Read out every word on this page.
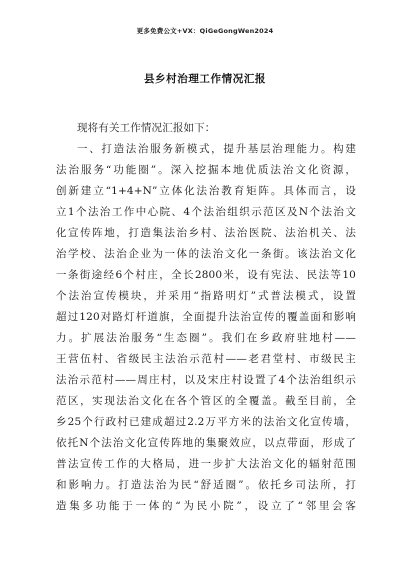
更多免费公文+VX：QiGeGongWen2024
县乡村治理工作情况汇报
现将有关工作情况汇报如下：
一、打造法治服务新模式，提升基层治理能力。构建
法治服务“功能圈”。深入挖掘本地优质法治文化资源，
创新建立“1+4+N”立体化法治教育矩阵。具体而言，设
立1个法治工作中心院、4个法治组织示范区及N个法治文
化宣传阵地，打造集法治乡村、法治医院、法治机关、法
治学校、法治企业为一体的法治文化一条街。该法治文化
一条街途经6个村庄，全长2800米，设有宪法、民法等10
个法治宣传模块，并采用“指路明灯”式普法模式，设置
超过120对路灯杆道旗，全面提升法治宣传的覆盖面和影响
力。扩展法治服务“生态圈”。我们在乡政府驻地村——
王营伍村、省级民主法治示范村——老君堂村、市级民主
法治示范村——周庄村，以及宋庄村设置了4个法治组织示
范区，实现法治文化在各个管区的全覆盖。截至目前，全
乡25个行政村已建成超过2.2万平方米的法治文化宣传墙，
依托N个法治文化宣传阵地的集聚效应，以点带面，形成了
普法宣传工作的大格局，进一步扩大法治文化的辐射范围
和影响力。打造法治为民“舒适圈”。依托乡司法所，打
造集多功能于一体的“为民小院”，设立了“邻里会客
